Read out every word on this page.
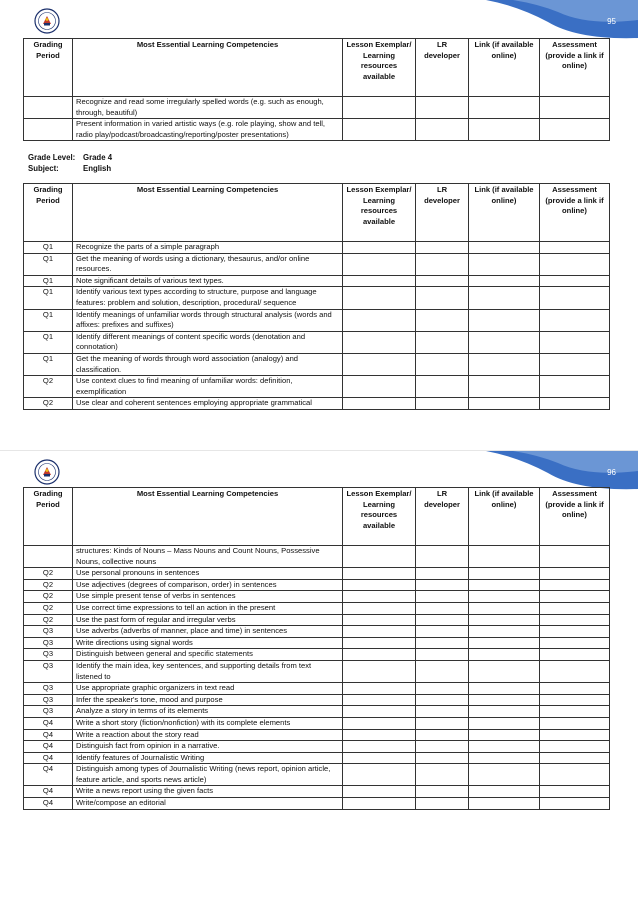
95
Grading Period	Most Essential Learning Competencies	Lesson Exemplar/ Learning resources available	LR developer	Link (if available online)	Assessment (provide a link if online)
	Recognize and read some irregularly spelled words (e.g. such as enough, through, beautiful)				
	Present information in varied artistic ways (e.g. role playing, show and tell, radio play/podcast/broadcasting/reporting/poster presentations)				
Grade Level: Grade 4
Subject:	English
Grading Period	Most Essential Learning Competencies	Lesson Exemplar/ Learning resources available	LR developer	Link (if available online)	Assessment (provide a link if online)
Q1	Recognize the parts of a simple paragraph				
Q1	Get the meaning of words using a dictionary, thesaurus, and/or online resources.				
Q1	Note significant details of various text types.				
Q1	Identify various text types according to structure, purpose and language features: problem and solution, description, procedural/ sequence				
Q1	Identify meanings of unfamiliar words through structural analysis (words and affixes: prefixes and suffixes)				
Q1	Identify different meanings of content specific words (denotation and connotation)				
Q1	Get the meaning of words through word association (analogy) and classification.				
Q2	Use context clues to find meaning of unfamiliar words: definition, exemplification				
Q2	Use clear and coherent sentences employing appropriate grammatical				
96
Grading Period	Most Essential Learning Competencies	Lesson Exemplar/ Learning resources available	LR developer	Link (if available online)	Assessment (provide a link if online)
	structures: Kinds of Nouns – Mass Nouns and Count Nouns, Possessive Nouns, collective nouns				
Q2	Use personal pronouns in sentences				
Q2	Use adjectives (degrees of comparison, order) in sentences				
Q2	Use simple present tense of verbs in sentences				
Q2	Use correct time expressions to tell an action in the present				
Q2	Use the past form of regular and irregular verbs				
Q3	Use adverbs (adverbs of manner, place and time) in sentences				
Q3	Write directions using signal words				
Q3	Distinguish between general and specific statements				
Q3	Identify the main idea, key sentences, and supporting details from text listened to				
Q3	Use appropriate graphic organizers in text read				
Q3	Infer the speaker's tone, mood and purpose				
Q3	Analyze a story in terms of its elements				
Q4	Write a short story (fiction/nonfiction) with its complete elements				
Q4	Write a reaction about the story read				
Q4	Distinguish fact from opinion in a narrative.				
Q4	Identify features of Journalistic Writing				
Q4	Distinguish among types of Journalistic Writing (news report, opinion article, feature article, and sports news article)				
Q4	Write a news report using the given facts				
Q4	Write/compose an editorial				
